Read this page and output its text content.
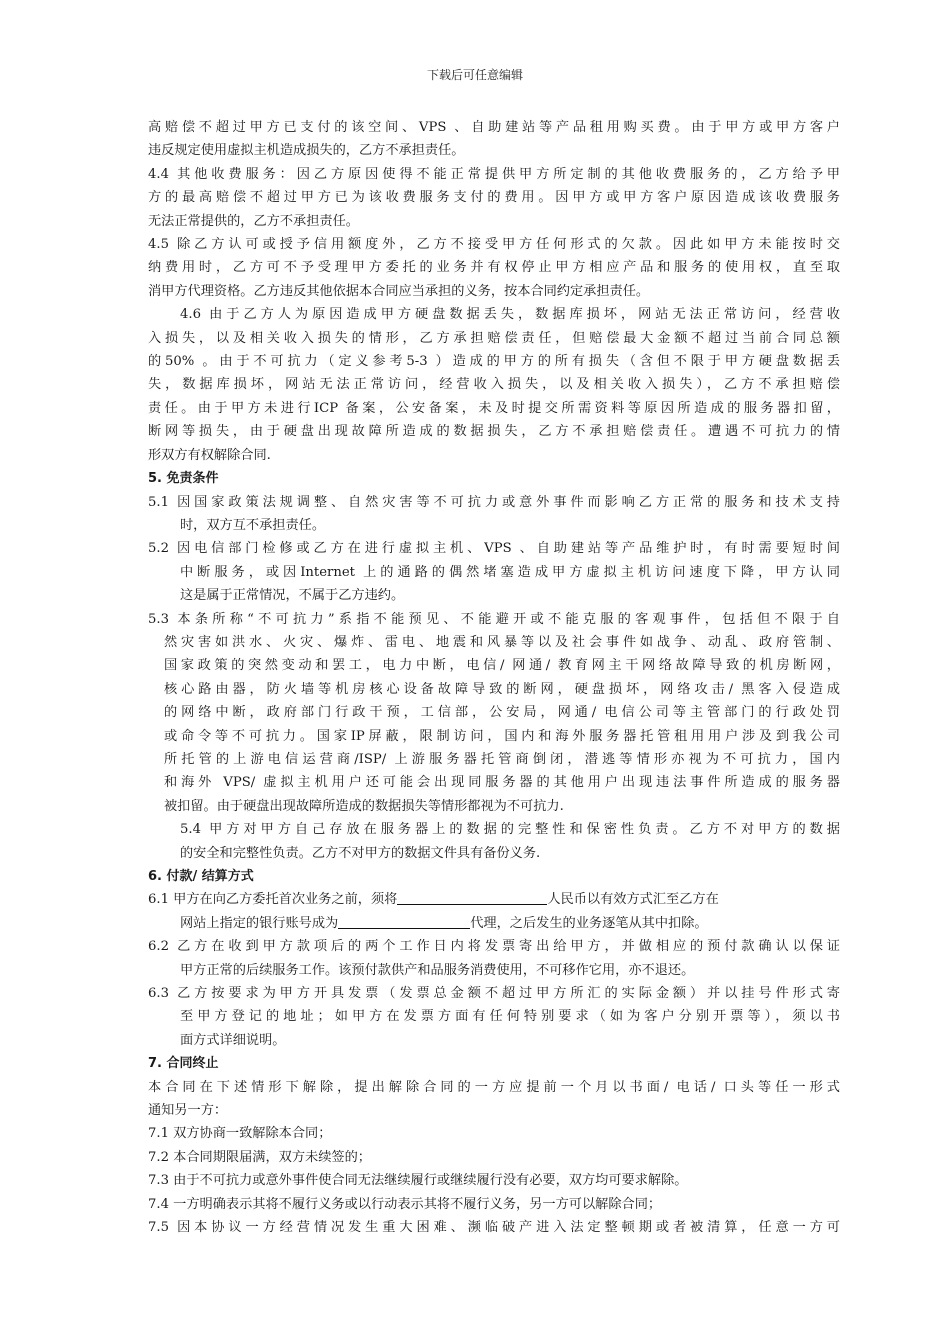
下载后可任意编辑
高赔偿不超过甲方已支付的该空间、VPS 、自助建站等产品租用购买费。由于甲方或甲方客户
违反规定使用虚拟主机造成损失的，乙方不承担责任。
4.4 其他收费服务：因乙方原因使得不能正常提供甲方所定制的其他收费服务的，乙方给予甲
方的最高赔偿不超过甲方已为该收费服务支付的费用。因甲方或甲方客户原因造成该收费服务
无法正常提供的，乙方不承担责任。
4.5 除乙方认可或授予信用额度外，乙方不接受甲方任何形式的欠款。因此如甲方未能按时交
纳费用时，乙方可不予受理甲方委托的业务并有权停止甲方相应产品和服务的使用权，直至取
消甲方代理资格。乙方违反其他依据本合同应当承担的义务，按本合同约定承担责任。
4.6 由于乙方人为原因造成甲方硬盘数据丢失，数据库损坏，网站无法正常访问，经营收
入损失，以及相关收入损失的情形，乙方承担赔偿责任，但赔偿最大金额不超过当前合同总额
的50% 。由于不可抗力（定义参考5-3 ）造成的甲方的所有损失（含但不限于甲方硬盘数据丢
失，数据库损坏，网站无法正常访问，经营收入损失，以及相关收入损失），乙方不承担赔偿
责任。由于甲方未进行ICP 备案，公安备案，未及时提交所需资料等原因所造成的服务器扣留，
断网等损失，由于硬盘出现故障所造成的数据损失，乙方不承担赔偿责任。遭遇不可抗力的情
形双方有权解除合同.
5. 免责条件
5.1 因国家政策法规调整、自然灾害等不可抗力或意外事件而影响乙方正常的服务和技术支持
时，双方互不承担责任。
5.2 因电信部门检修或乙方在进行虚拟主机、VPS 、自助建站等产品维护时，有时需要短时间
中断服务，或因Internet 上的通路的偶然堵塞造成甲方虚拟主机访问速度下降，甲方认同
这是属于正常情况，不属于乙方违约。
5.3 本条所称“不可抗力”系指不能预见、不能避开或不能克服的客观事件，包括但不限于自
然灾害如洪水、火灾、爆炸、雷电、地震和风暴等以及社会事件如战争、动乱、政府管制、
国家政策的突然变动和罢工，电力中断，电信/ 网通/ 教育网主干网络故障导致的机房断网，
核心路由器，防火墙等机房核心设备故障导致的断网，硬盘损坏，网络攻击/ 黑客入侵造成
的网络中断，政府部门行政干预，工信部，公安局，网通/ 电信公司等主管部门的行政处罚
或命令等不可抗力。国家IP屏蔽，限制访问，国内和海外服务器托管租用用户涉及到我公司
所托管的上游电信运营商/ISP/ 上游服务器托管商倒闭，潜逃等情形亦视为不可抗力，国内
和海外 VPS/ 虚拟主机用户还可能会出现同服务器的其他用户出现违法事件所造成的服务器
被扣留。由于硬盘出现故障所造成的数据损失等情形都视为不可抗力.
5.4 甲方对甲方自己存放在服务器上的数据的完整性和保密性负责。乙方不对甲方的数据
的安全和完整性负责。乙方不对甲方的数据文件具有备份义务.
6. 付款/ 结算方式
6.1 甲方在向乙方委托首次业务之前，须将	人民币以有效方式汇至乙方在
网站上指定的银行账号成为	代理，之后发生的业务逐笔从其中扣除。
6.2 乙方在收到甲方款项后的两个工作日内将发票寄出给甲方，并做相应的预付款确认以保证
甲方正常的后续服务工作。该预付款供产和品服务消费使用，不可移作它用，亦不退还。
6.3 乙方按要求为甲方开具发票（发票总金额不超过甲方所汇的实际金额）并以挂号件形式寄
至甲方登记的地址；如甲方在发票方面有任何特别要求（如为客户分别开票等），须以书
面方式详细说明。
7. 合同终止
本合同在下述情形下解除，提出解除合同的一方应提前一个月以书面/ 电话/ 口头等任一形式
通知另一方：
7.1 双方协商一致解除本合同；
7.2 本合同期限届满，双方未续签的；
7.3 由于不可抗力或意外事件使合同无法继续履行或继续履行没有必要，双方均可要求解除。
7.4 一方明确表示其将不履行义务或以行动表示其将不履行义务，另一方可以解除合同；
7.5 因本协议一方经营情况发生重大困难、濒临破产进入法定整顿期或者被清算，任意一方可
